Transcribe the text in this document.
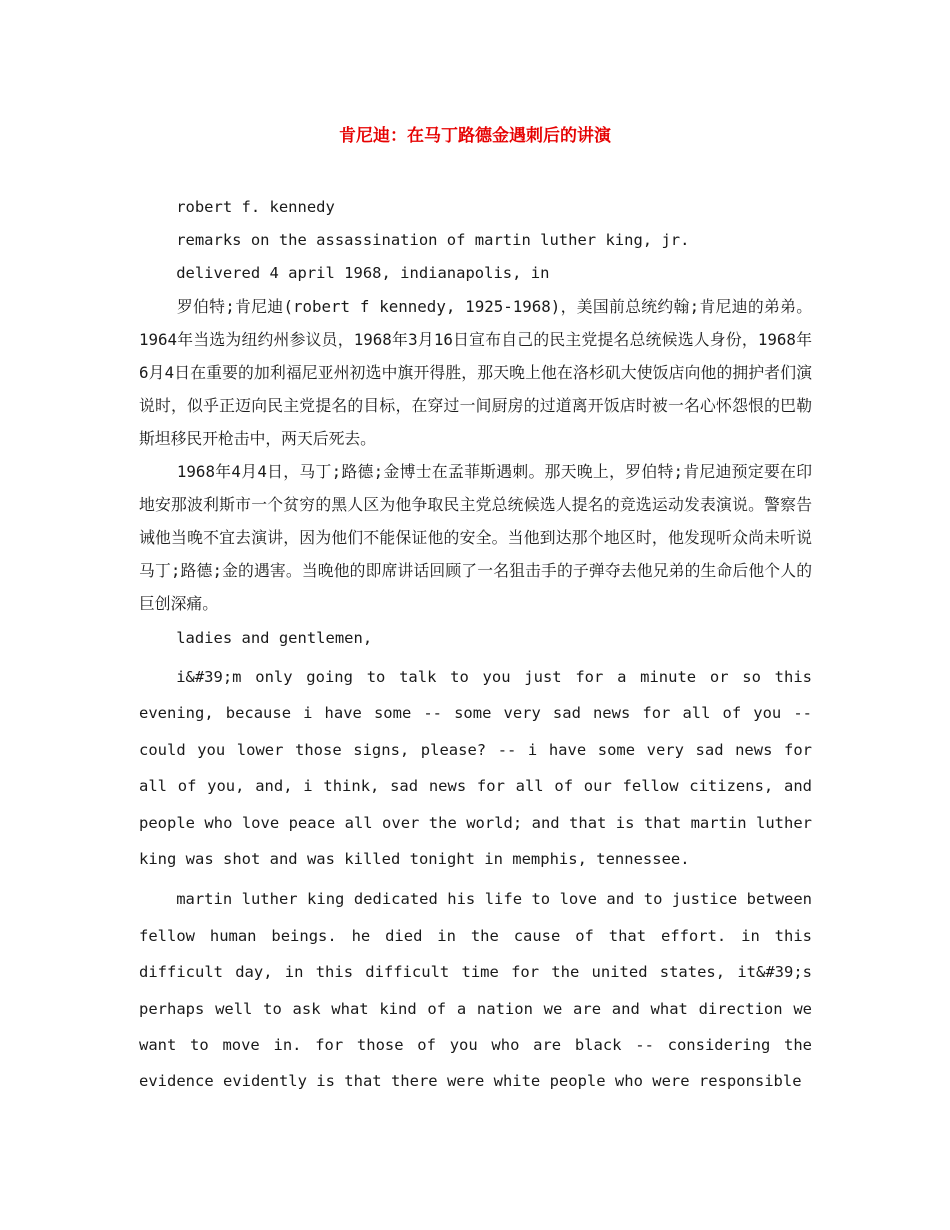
肯尼迪：在马丁路德金遇刺后的讲演

robert f. kennedy

remarks on the assassination of martin luther king, jr.

delivered 4 april 1968, indianapolis, in

罗伯特;肯尼迪(robert f kennedy, 1925-1968)，美国前总统约翰;肯尼迪的弟弟。1964年当选为纽约州参议员，1968年3月16日宣布自己的民主党提名总统候选人身份，1968年6月4日在重要的加利福尼亚州初选中旗开得胜，那天晚上他在洛杉矶大使饭店向他的拥护者们演说时，似乎正迈向民主党提名的目标，在穿过一间厨房的过道离开饭店时被一名心怀怨恨的巴勒斯坦移民开枪击中，两天后死去。

1968年4月4日，马丁;路德;金博士在孟菲斯遇刺。那天晚上，罗伯特;肯尼迪预定要在印地安那波利斯市一个贫穷的黑人区为他争取民主党总统候选人提名的竞选运动发表演说。警察告诫他当晚不宜去演讲，因为他们不能保证他的安全。当他到达那个地区时，他发现听众尚未听说马丁;路德;金的遇害。当晚他的即席讲话回顾了一名狙击手的子弹夺去他兄弟的生命后他个人的巨创深痛。

ladies and gentlemen,

i&#39;m only going to talk to you just for a minute or so this evening, because i have some -- some very sad news for all of you -- could you lower those signs, please? -- i have some very sad news for all of you, and, i think, sad news for all of our fellow citizens, and people who love peace all over the world; and that is that martin luther king was shot and was killed tonight in memphis, tennessee.

martin luther king dedicated his life to love and to justice between fellow human beings. he died in the cause of that effort. in this difficult day, in this difficult time for the united states, it&#39;s perhaps well to ask what kind of a nation we are and what direction we want to move in. for those of you who are black -- considering the evidence evidently is that there were white people who were responsible
